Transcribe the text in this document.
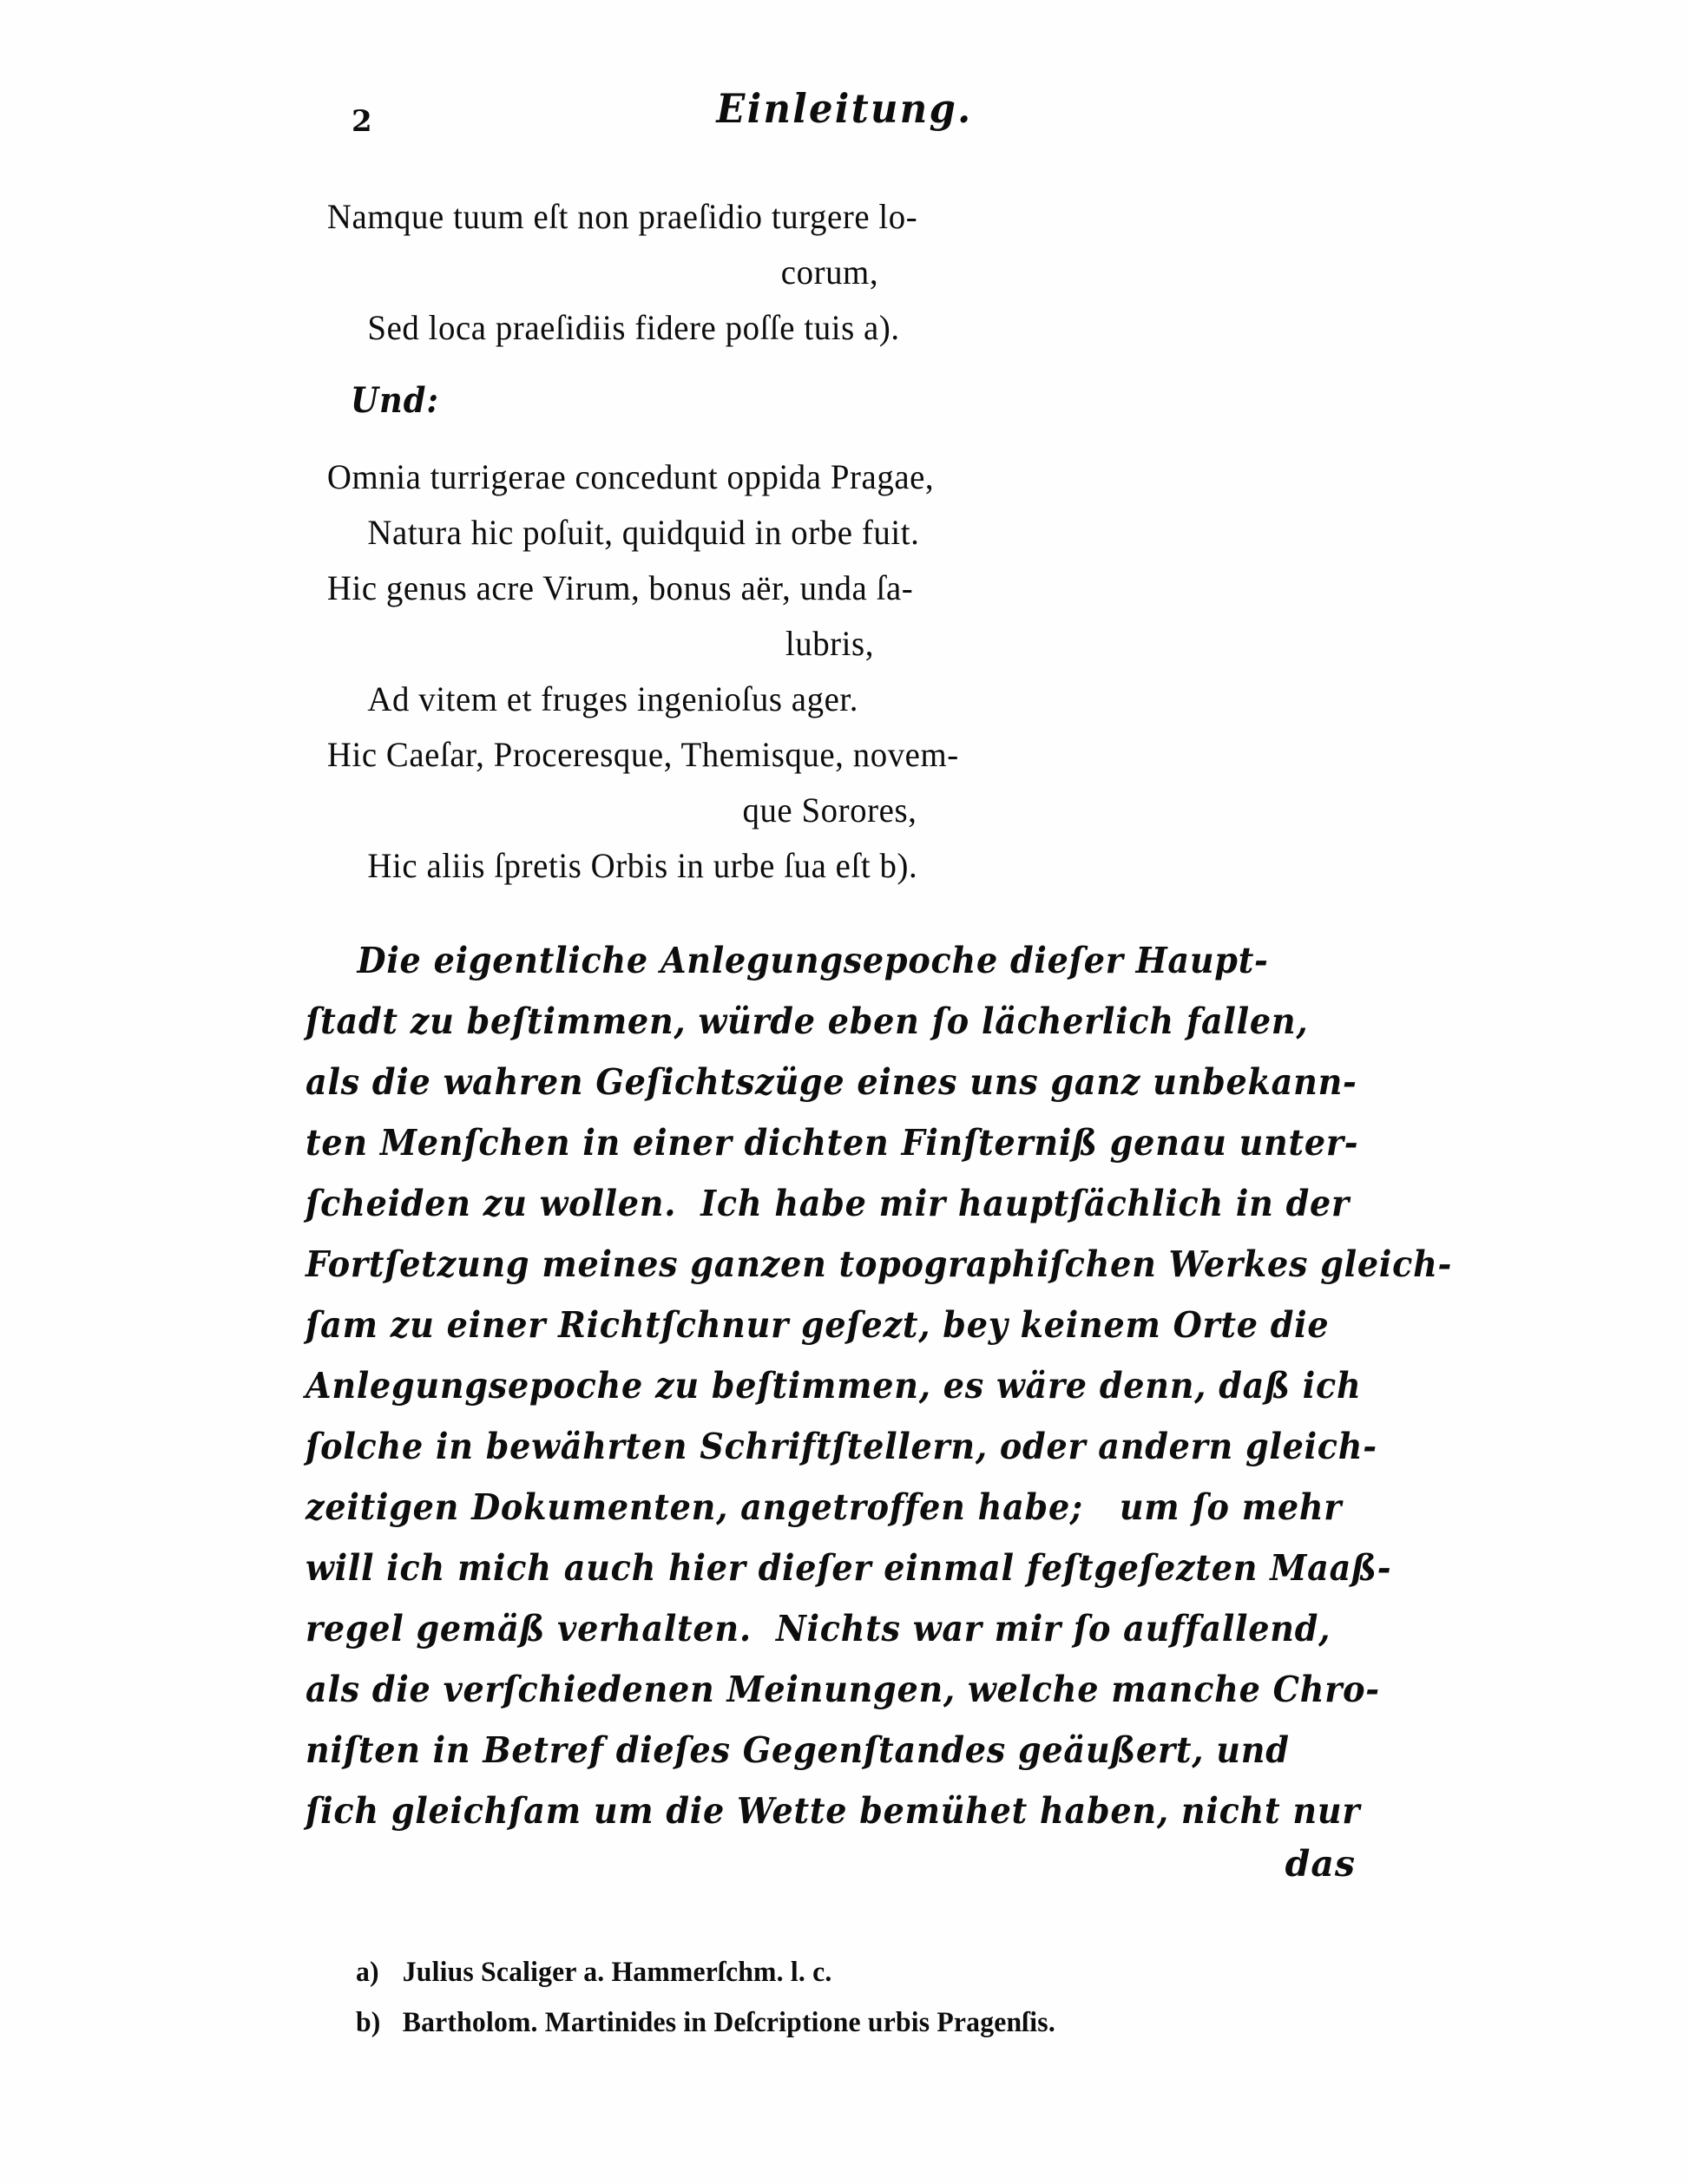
2	Einleitung.
Namque tuum eſt non praeſidio turgere lo-
corum,
Sed loca praeſidiis fidere poſſe tuis a).
Und:
Omnia turrigerae concedunt oppida Pragae,
Natura hic poſuit, quidquid in orbe fuit.
Hic genus acre Virum, bonus aër, unda ſa-
lubris,
Ad vitem et fruges ingenioſus ager.
Hic Caeſar, Proceresque, Themisque, novem-
que Sorores,
Hic aliis ſpretis Orbis in urbe ſua eſt b).
Die eigentliche Anlegungsepoche dieſer Haupt-
ſtadt zu beſtimmen, würde eben ſo lächerlich fallen,
als die wahren Geſichtszüge eines uns ganz unbekann-
ten Menſchen in einer dichten Finſterniß genau unter-
ſcheiden zu wollen.  Ich habe mir hauptſächlich in der
Fortſetzung meines ganzen topographiſchen Werkes gleich-
ſam zu einer Richtſchnur geſezt, bey keinem Orte die
Anlegungsepoche zu beſtimmen, es wäre denn, daß ich
ſolche in bewährten Schriftſtellern, oder andern gleich-
zeitigen Dokumenten, angetroffen habe;   um ſo mehr
will ich mich auch hier dieſer einmal feſtgeſezten Maaß-
regel gemäß verhalten.  Nichts war mir ſo auffallend,
als die verſchiedenen Meinungen, welche manche Chro-
niſten in Betref dieſes Gegenſtandes geäußert, und
ſich gleichſam um die Wette bemühet haben, nicht nur
das
a) Julius Scaliger a. Hammerſchm. l. c.
b) Bartholom. Martinides in Deſcriptione urbis Pragenſis.
